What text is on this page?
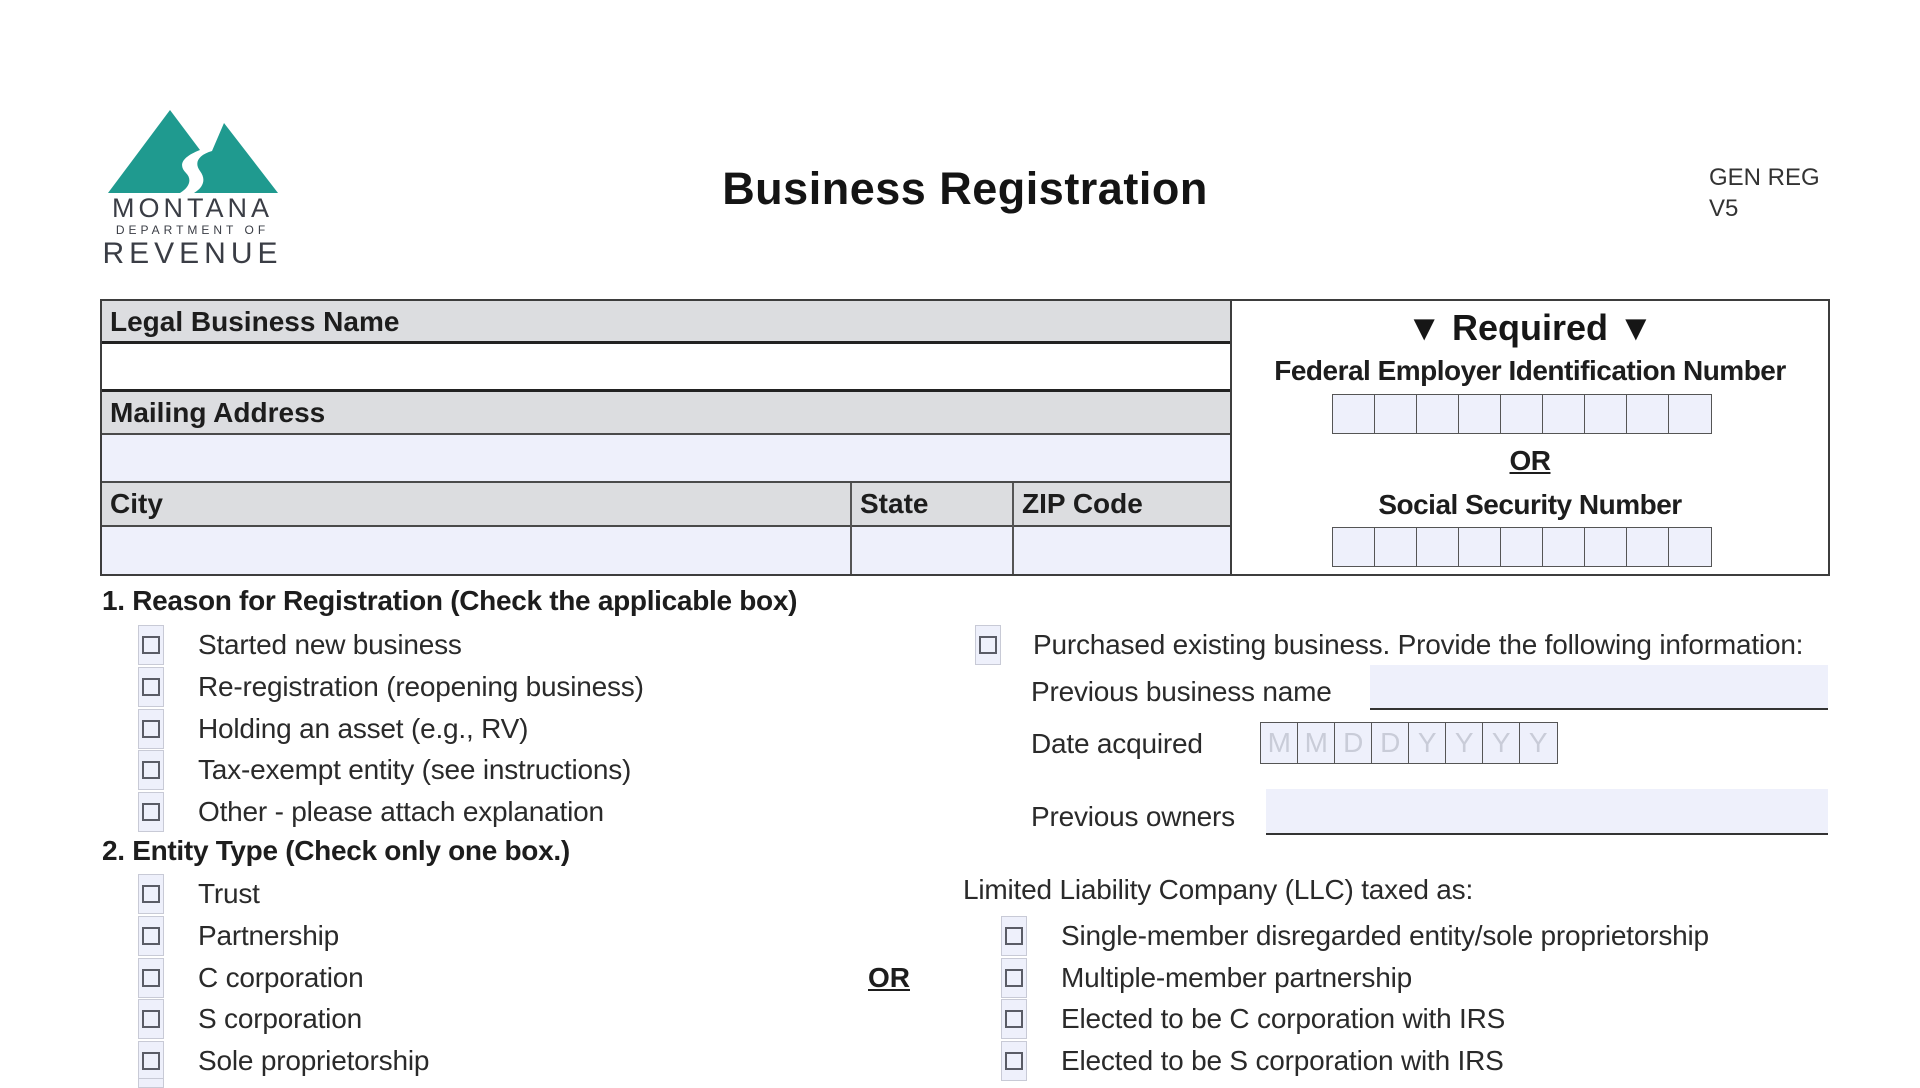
MONTANA
DEPARTMENT OF
REVENUE
Business Registration	GEN REG
V5
Legal Business Name
Mailing Address
City	State	ZIP Code
▼ Required ▼
Federal Employer Identification Number
OR
Social Security Number
1. Reason for Registration (Check the applicable box)
Started new business
Re-registration (reopening business)
Holding an asset (e.g., RV)
Tax-exempt entity (see instructions)
Other - please attach explanation
Purchased existing business. Provide the following information:
Previous business name
Date acquired M M D D Y Y Y Y
Previous owners
2. Entity Type (Check only one box.)
Trust
Partnership
C corporation
S corporation
Sole proprietorship
OR
Limited Liability Company (LLC) taxed as:
Single-member disregarded entity/sole proprietorship
Multiple-member partnership
Elected to be C corporation with IRS
Elected to be S corporation with IRS
